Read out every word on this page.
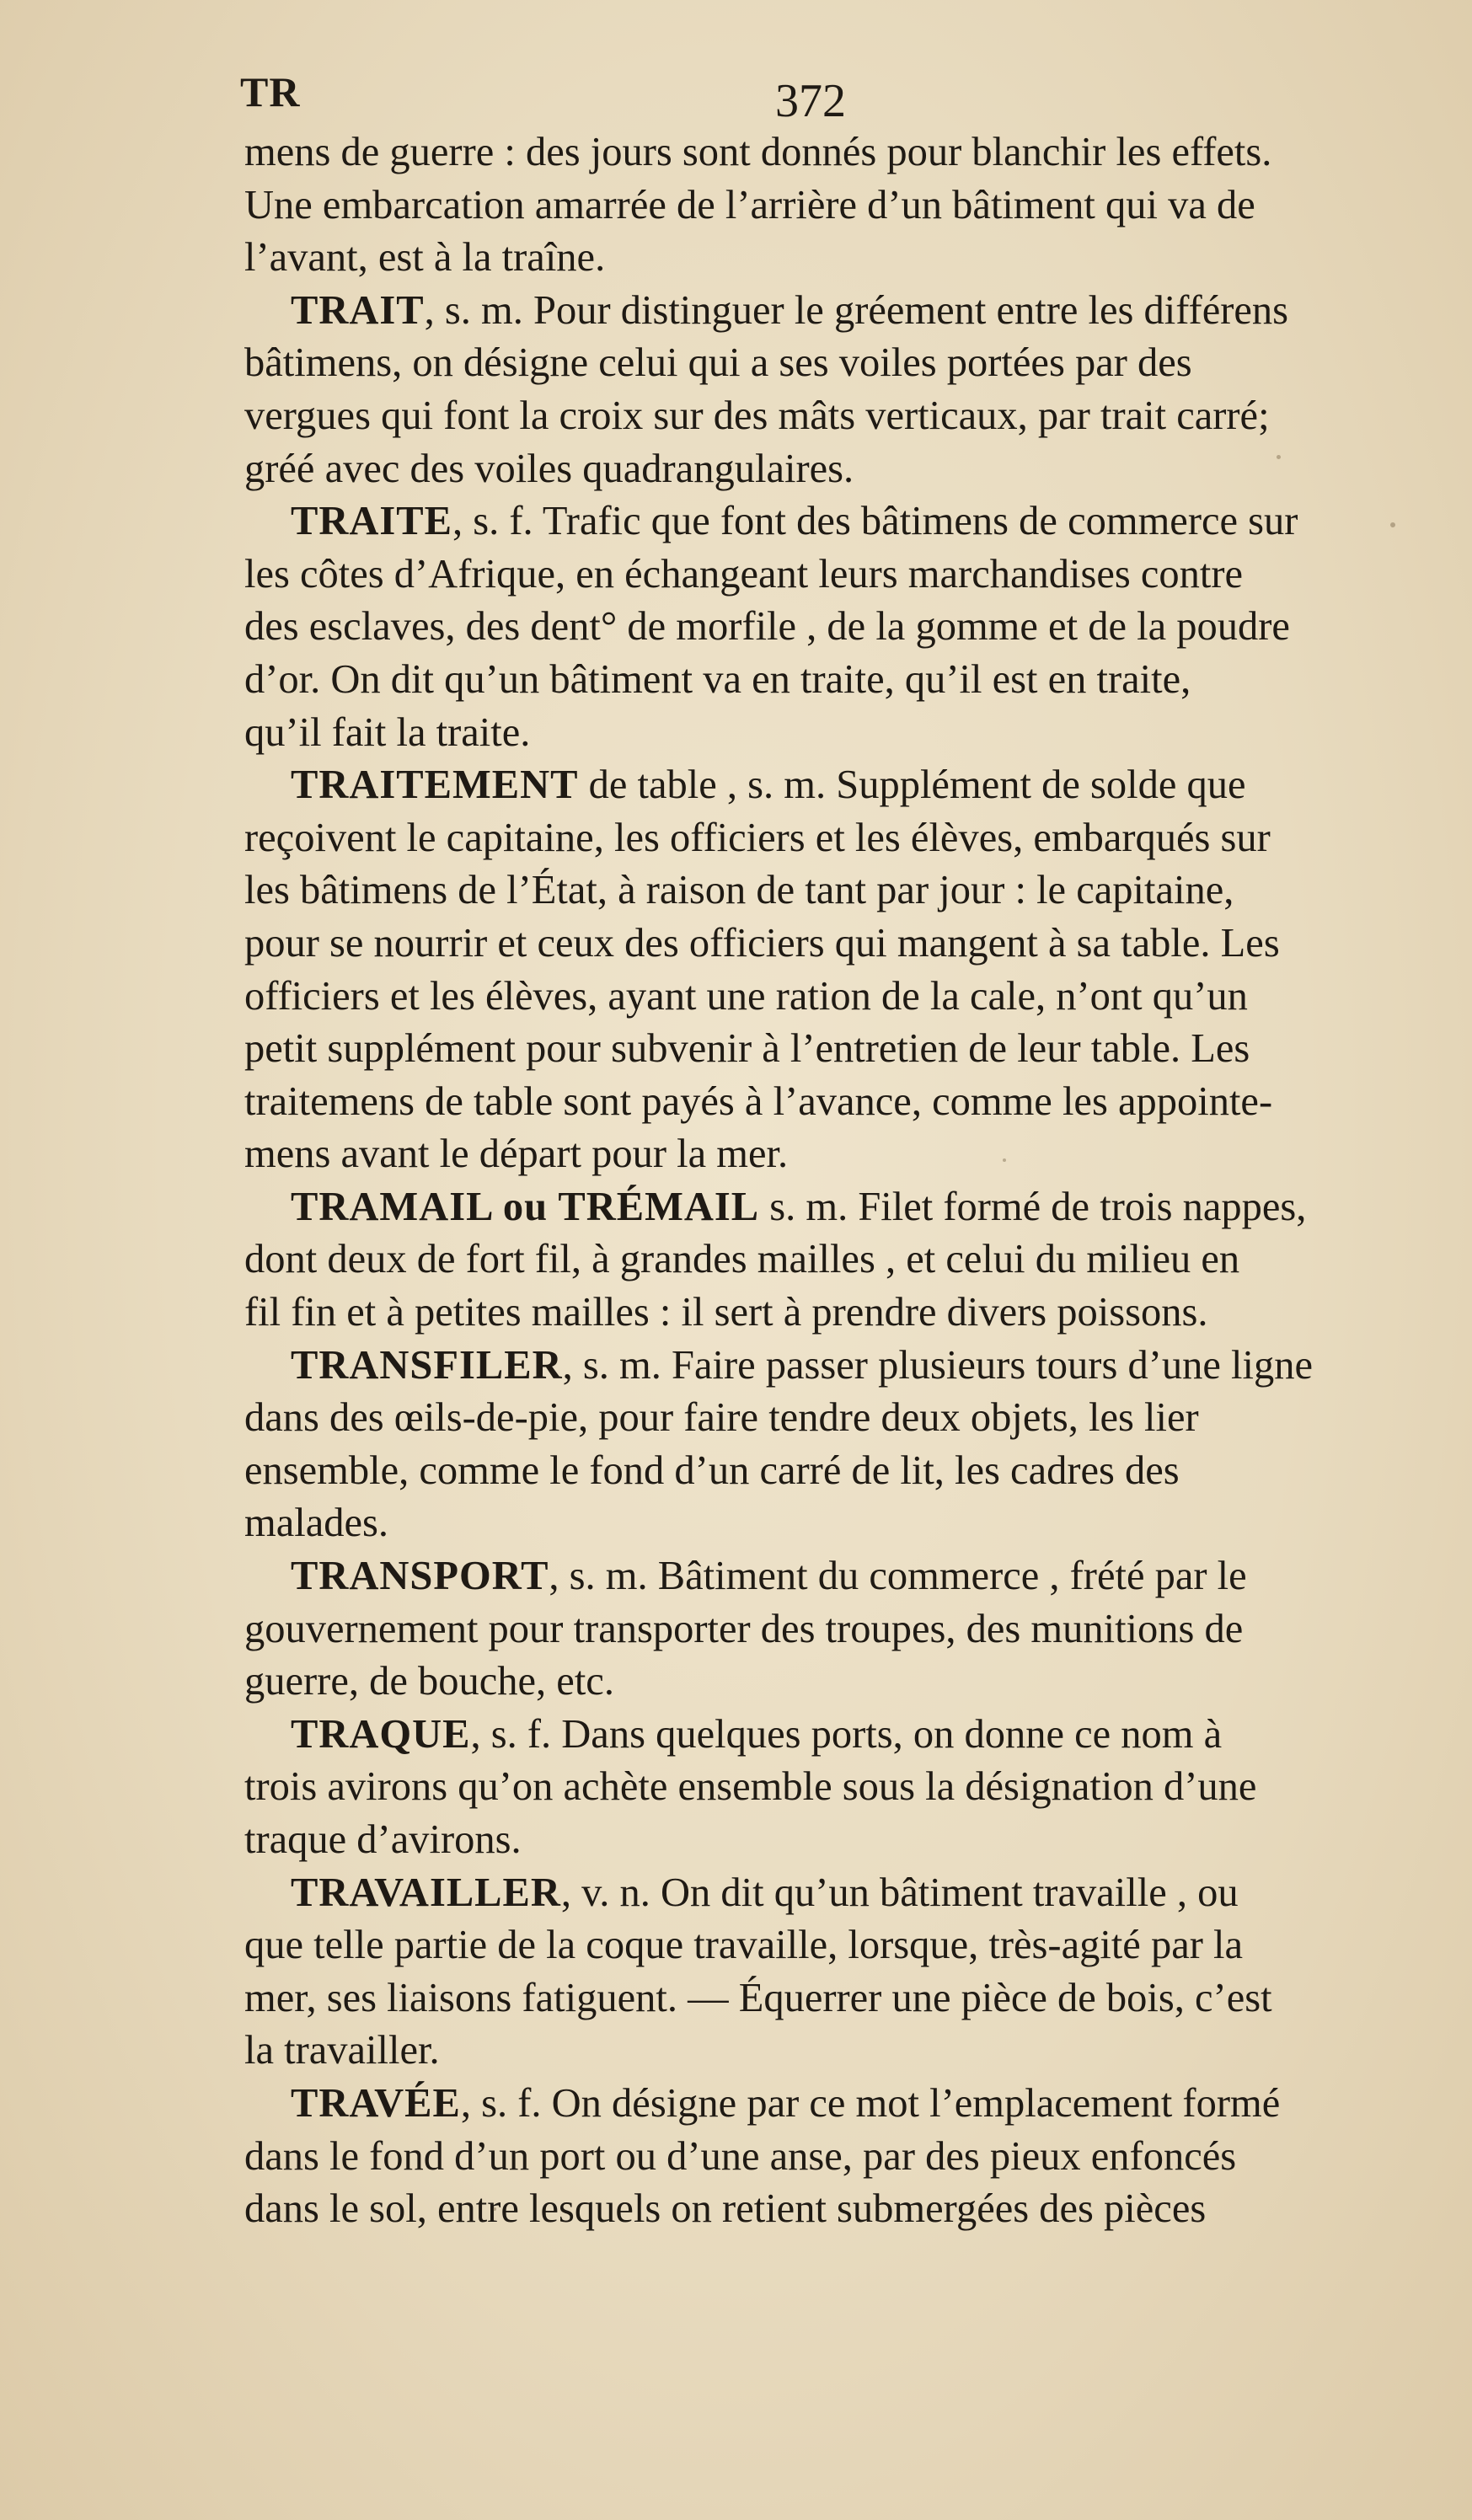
TR	372
mens de guerre : des jours sont donnés pour blanchir les effets.
Une embarcation amarrée de l’arrière d’un bâtiment qui va de
l’avant, est à la traîne.
TRAIT, s. m. Pour distinguer le gréement entre les différens
bâtimens, on désigne celui qui a ses voiles portées par des
vergues qui font la croix sur des mâts verticaux, par trait carré;
gréé avec des voiles quadrangulaires.
TRAITE, s. f. Trafic que font des bâtimens de commerce sur
les côtes d’Afrique, en échangeant leurs marchandises contre
des esclaves, des dent° de morfile , de la gomme et de la poudre
d’or. On dit qu’un bâtiment va en traite, qu’il est en traite,
qu’il fait la traite.
TRAITEMENT de table , s. m. Supplément de solde que
reçoivent le capitaine, les officiers et les élèves, embarqués sur
les bâtimens de l’État, à raison de tant par jour : le capitaine,
pour se nourrir et ceux des officiers qui mangent à sa table. Les
officiers et les élèves, ayant une ration de la cale, n’ont qu’un
petit supplément pour subvenir à l’entretien de leur table. Les
traitemens de table sont payés à l’avance, comme les appointe-
mens avant le départ pour la mer.
TRAMAIL ou TRÉMAIL s. m. Filet formé de trois nappes,
dont deux de fort fil, à grandes mailles , et celui du milieu en
fil fin et à petites mailles : il sert à prendre divers poissons.
TRANSFILER, s. m. Faire passer plusieurs tours d’une ligne
dans des œils-de-pie, pour faire tendre deux objets, les lier
ensemble, comme le fond d’un carré de lit, les cadres des
malades.
TRANSPORT, s. m. Bâtiment du commerce , frété par le
gouvernement pour transporter des troupes, des munitions de
guerre, de bouche, etc.
TRAQUE, s. f. Dans quelques ports, on donne ce nom à
trois avirons qu’on achète ensemble sous la désignation d’une
traque d’avirons.
TRAVAILLER, v. n. On dit qu’un bâtiment travaille , ou
que telle partie de la coque travaille, lorsque, très-agité par la
mer, ses liaisons fatiguent. — Équerrer une pièce de bois, c’est
la travailler.
TRAVÉE, s. f. On désigne par ce mot l’emplacement formé
dans le fond d’un port ou d’une anse, par des pieux enfoncés
dans le sol, entre lesquels on retient submergées des pièces
